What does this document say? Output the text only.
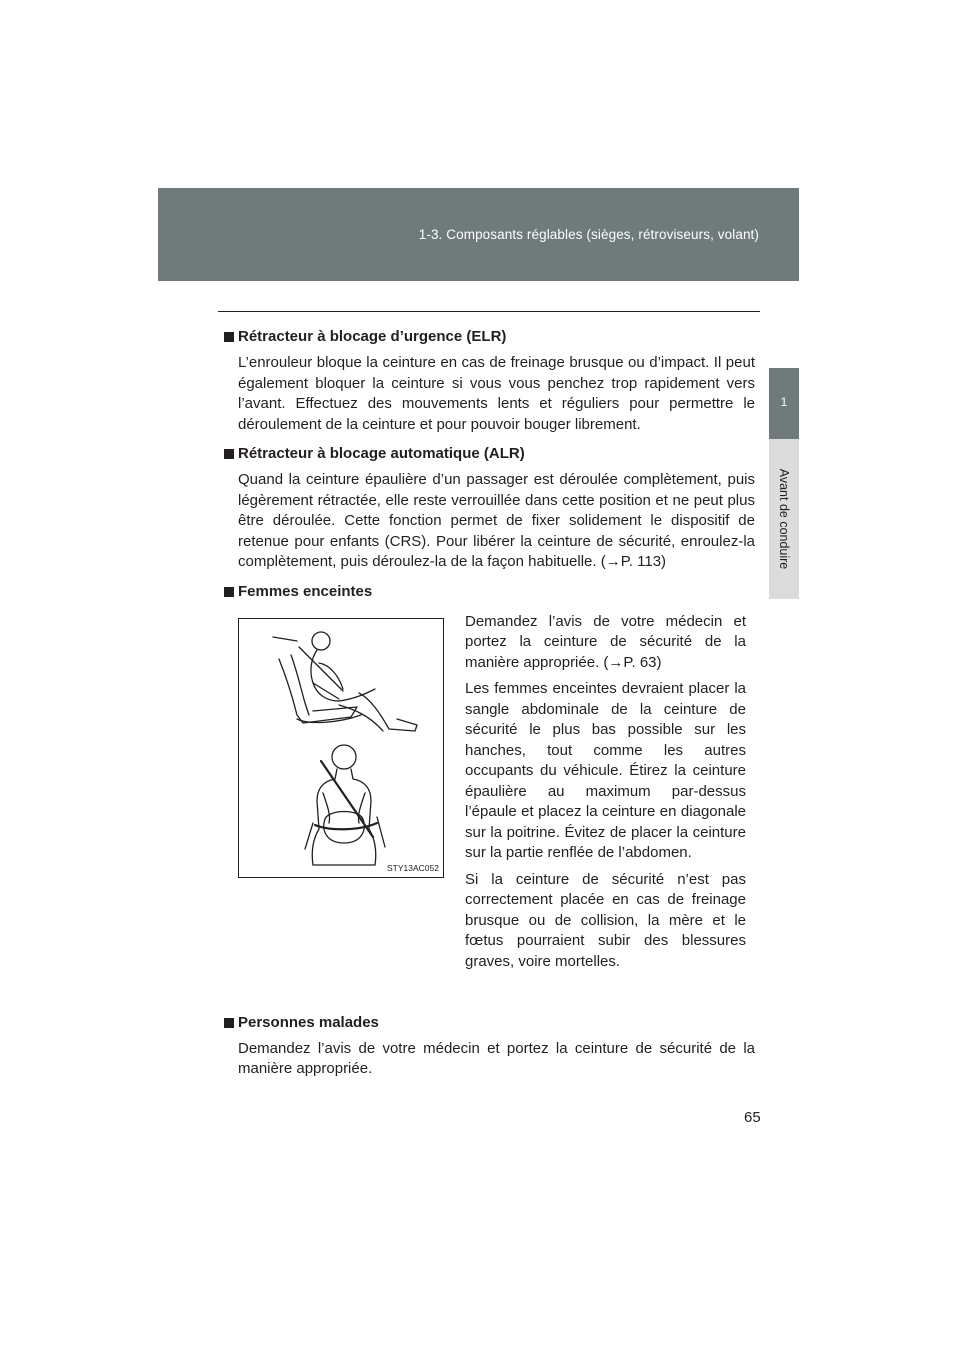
1-3. Composants réglables (sièges, rétroviseurs, volant)
1
Avant de conduire
Rétracteur à blocage d’urgence (ELR)
L’enrouleur bloque la ceinture en cas de freinage brusque ou d’impact. Il peut également bloquer la ceinture si vous vous penchez trop rapidement vers l’avant. Effectuez des mouvements lents et réguliers pour permettre le déroulement de la ceinture et pour pouvoir bouger librement.
Rétracteur à blocage automatique (ALR)
Quand la ceinture épaulière d’un passager est déroulée complètement, puis légèrement rétractée, elle reste verrouillée dans cette position et ne peut plus être déroulée. Cette fonction permet de fixer solidement le dispositif de retenue pour enfants (CRS). Pour libérer la ceinture de sécurité, enroulez-la complètement, puis déroulez-la de la façon habituelle. (→P. 113)
Femmes enceintes
STY13AC052
Demandez l’avis de votre médecin et portez la ceinture de sécurité de la manière appropriée. (→P. 63)
Les femmes enceintes devraient placer la sangle abdominale de la ceinture de sécurité le plus bas possible sur les hanches, tout comme les autres occupants du véhicule. Étirez la ceinture épaulière au maximum par-dessus l’épaule et placez la ceinture en diagonale sur la poitrine. Évitez de placer la ceinture sur la partie renflée de l’abdomen.
Si la ceinture de sécurité n’est pas correctement placée en cas de freinage brusque ou de collision, la mère et le fœtus pourraient subir des blessures graves, voire mortelles.
Personnes malades
Demandez l’avis de votre médecin et portez la ceinture de sécurité de la manière appropriée.
65
